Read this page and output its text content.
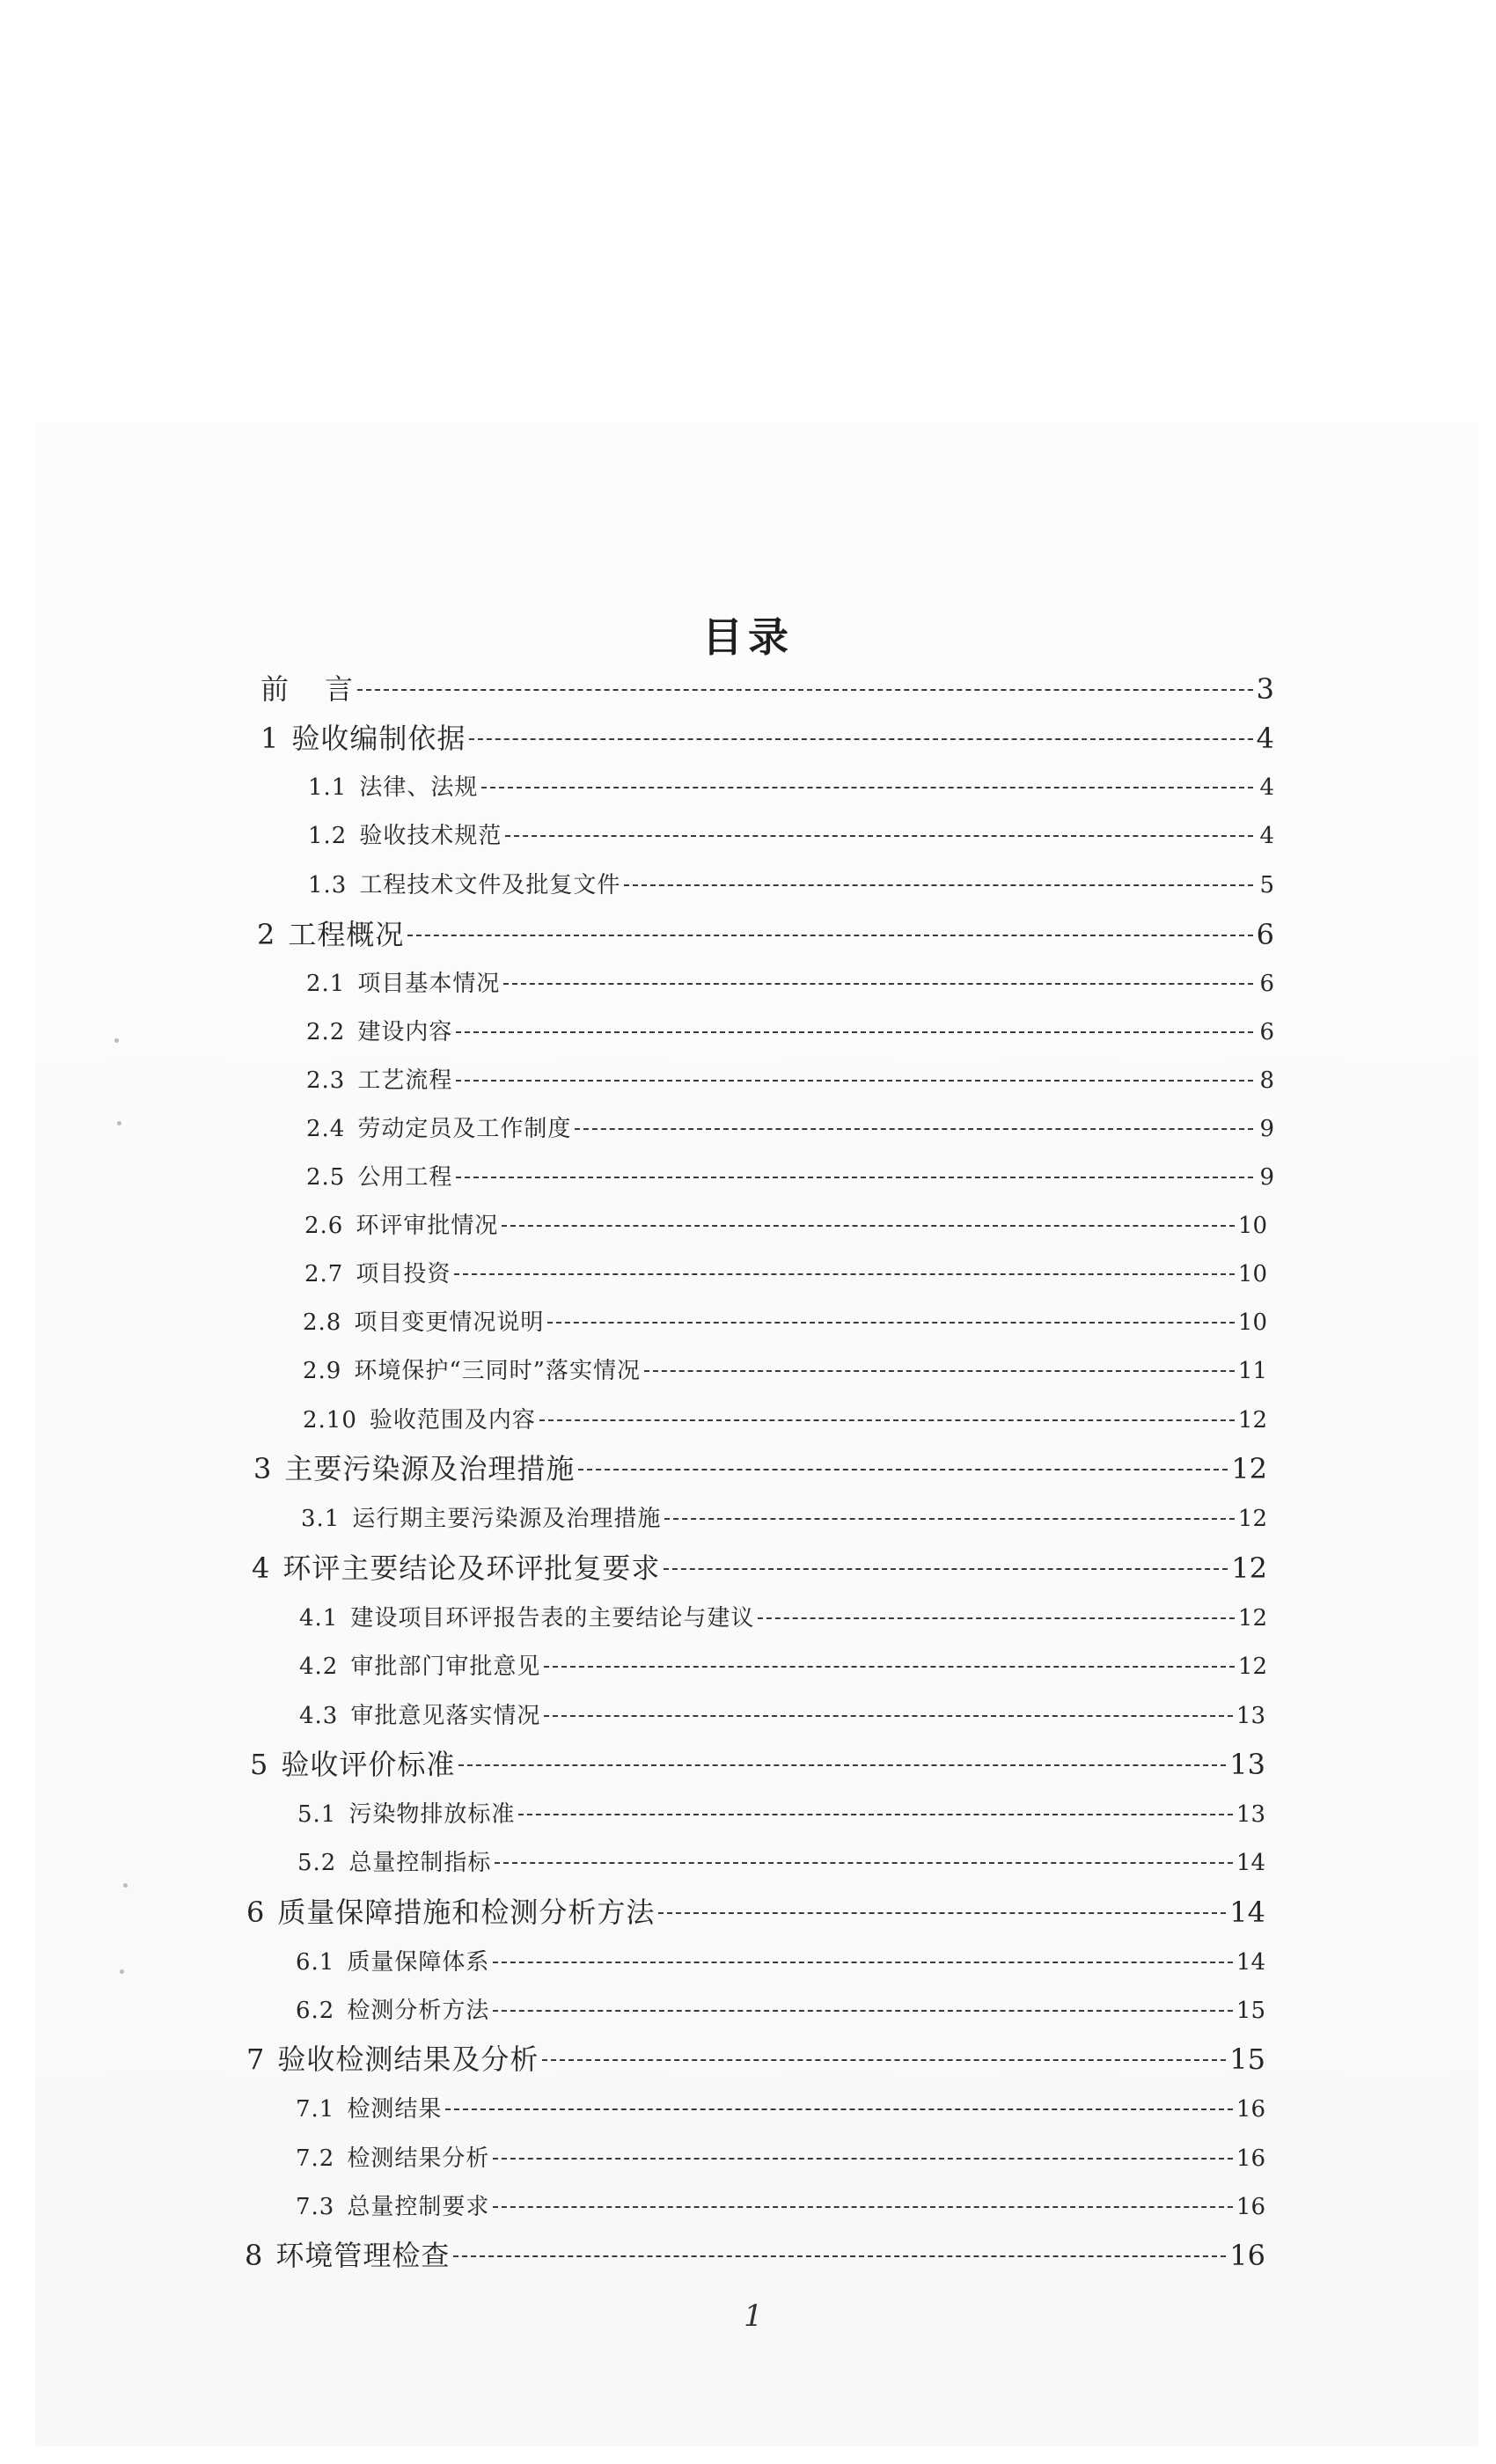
目录
前 言	3
1 验收编制依据	4
1.1 法律、法规	4
1.2 验收技术规范	4
1.3 工程技术文件及批复文件	5
2 工程概况	6
2.1 项目基本情况	6
2.2 建设内容	6
2.3 工艺流程	8
2.4 劳动定员及工作制度	9
2.5 公用工程	9
2.6 环评审批情况	10
2.7 项目投资	10
2.8 项目变更情况说明	10
2.9 环境保护“三同时”落实情况	11
2.10 验收范围及内容	12
3 主要污染源及治理措施	12
3.1 运行期主要污染源及治理措施	12
4 环评主要结论及环评批复要求	12
4.1 建设项目环评报告表的主要结论与建议	12
4.2 审批部门审批意见	12
4.3 审批意见落实情况	13
5 验收评价标准	13
5.1 污染物排放标准	13
5.2 总量控制指标	14
6 质量保障措施和检测分析方法	14
6.1 质量保障体系	14
6.2 检测分析方法	15
7 验收检测结果及分析	15
7.1 检测结果	16
7.2 检测结果分析	16
7.3 总量控制要求	16
8 环境管理检查	16
1
